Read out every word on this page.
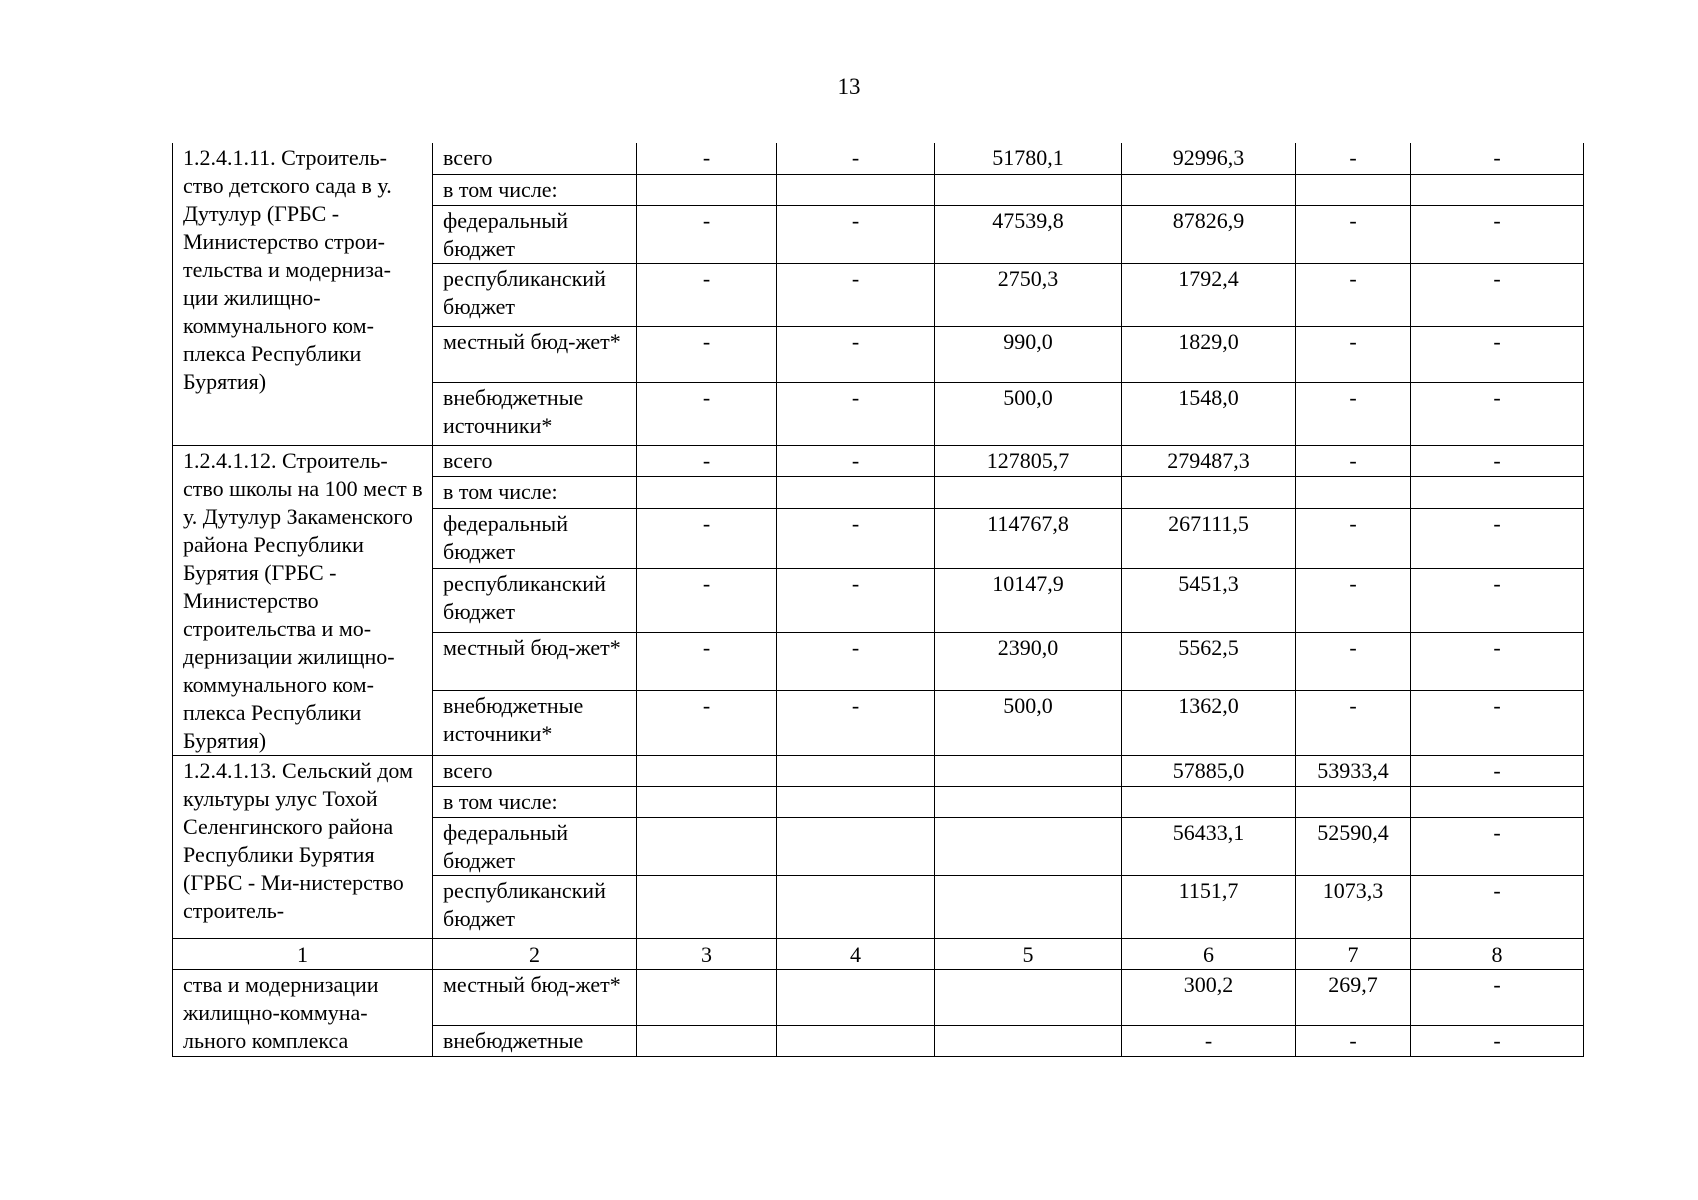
13
1.2.4.1.11. Строитель-ство детского сада в у. Дутулур (ГРБС - Министерство строи-тельства и модерниза-ции жилищно-коммунального ком-плекса Республики Бурятия)	всего	-	-	51780,1	92996,3	-	-
	в том числе:						
	федеральный бюджет	-	-	47539,8	87826,9	-	-
	республиканский бюджет	-	-	2750,3	1792,4	-	-
	местный бюд-жет*	-	-	990,0	1829,0	-	-
	внебюджетные источники*	-	-	500,0	1548,0	-	-
1.2.4.1.12. Строитель-ство школы на 100 мест в у. Дутулур Закаменского района Республики Бурятия (ГРБС - Министерство строительства и мо-дернизации жилищно-коммунального ком-плекса Республики Бурятия)	всего	-	-	127805,7	279487,3	-	-
	в том числе:						
	федеральный бюджет	-	-	114767,8	267111,5	-	-
	республиканский бюджет	-	-	10147,9	5451,3	-	-
	местный бюд-жет*	-	-	2390,0	5562,5	-	-
	внебюджетные источники*	-	-	500,0	1362,0	-	-
1.2.4.1.13. Сельский дом культуры улус Тохой Селенгинского района Республики Бурятия (ГРБС - Ми-нистерство строитель-	всего				57885,0	53933,4	-
	в том числе:						
	федеральный бюджет				56433,1	52590,4	-
	республиканский бюджет				1151,7	1073,3	-
1	2	3	4	5	6	7	8
ства и модернизации жилищно-коммуна-льного комплекса	местный бюд-жет*				300,2	269,7	-
	внебюджетные				-	-	-
